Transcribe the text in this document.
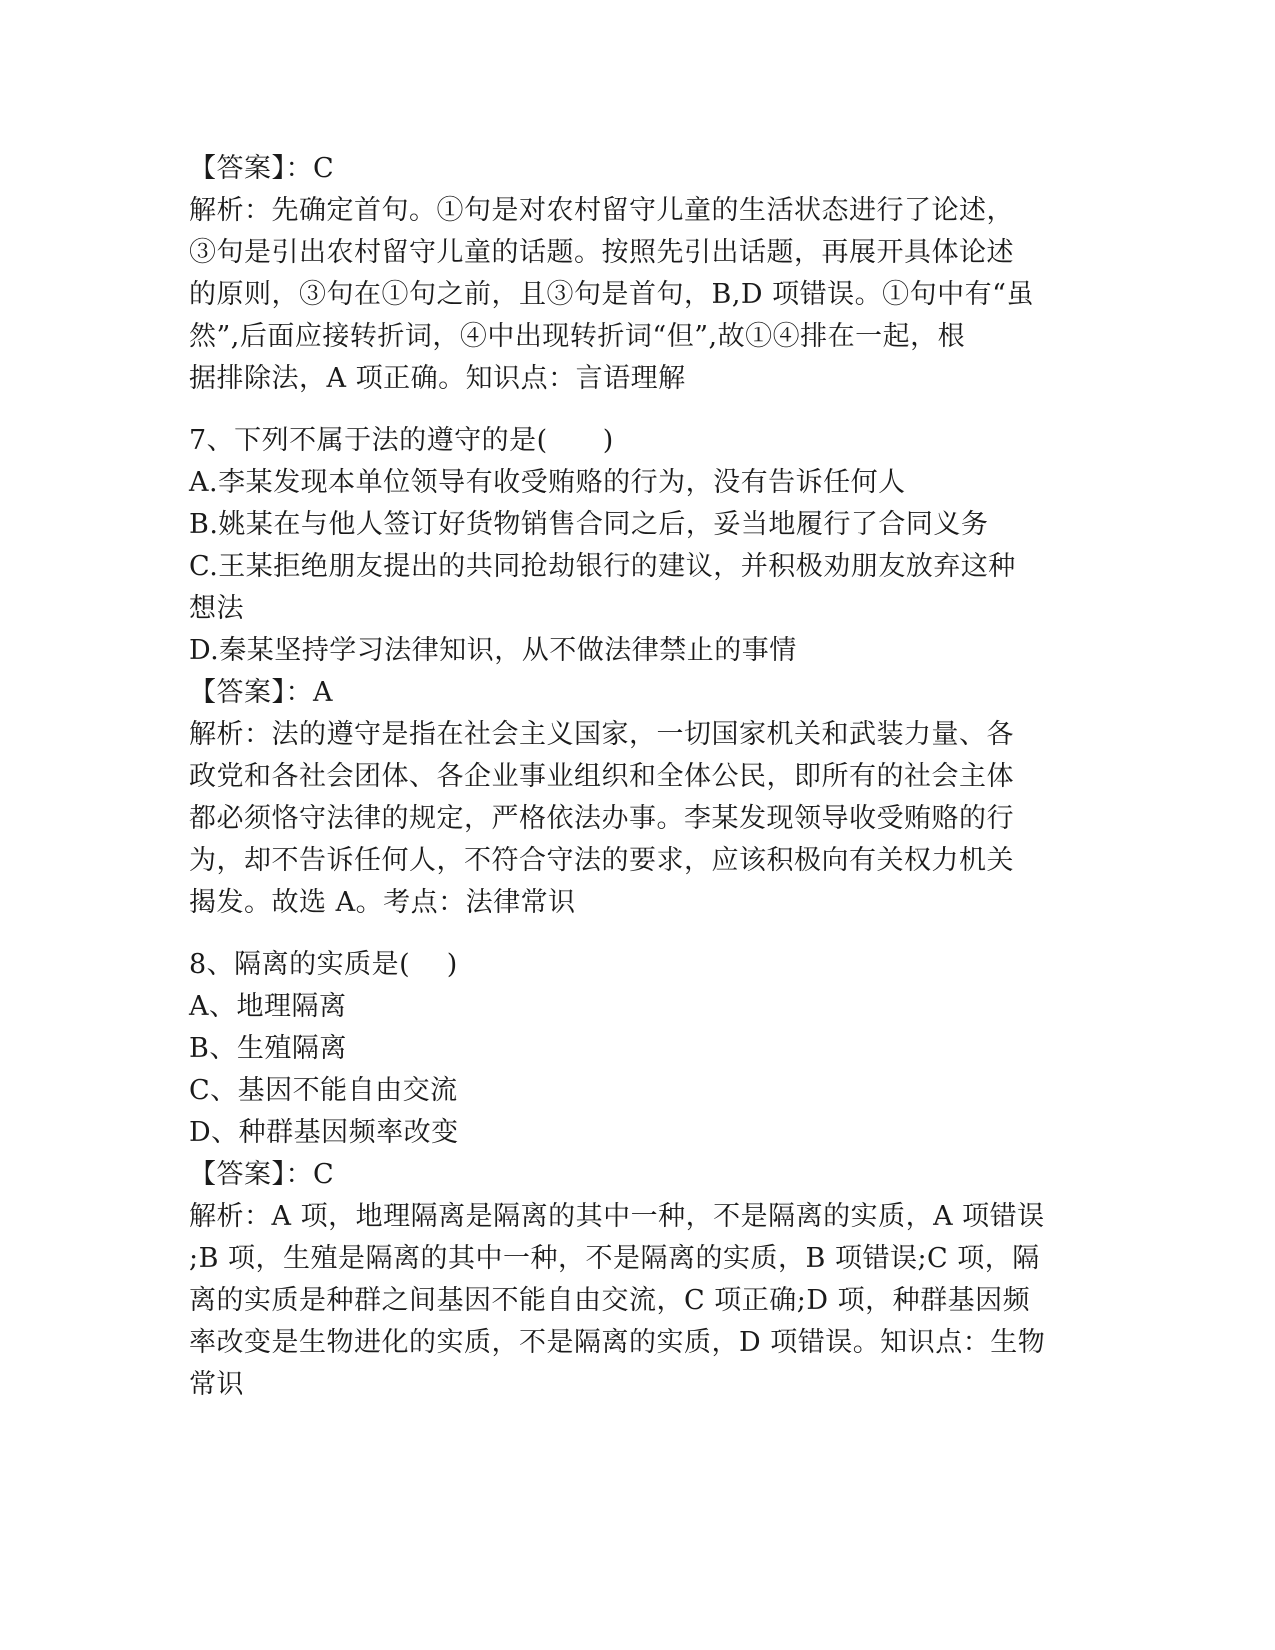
【答案】：C
解析：先确定首句。①句是对农村留守儿童的生活状态进行了论述，
③句是引出农村留守儿童的话题。按照先引出话题，再展开具体论述
的原则，③句在①句之前，且③句是首句，B,D 项错误。①句中有“虽
然”,后面应接转折词，④中出现转折词“但”,故①④排在一起，根
据排除法，A 项正确。知识点：言语理解
7、下列不属于法的遵守的是(　　)
A.李某发现本单位领导有收受贿赂的行为，没有告诉任何人
B.姚某在与他人签订好货物销售合同之后，妥当地履行了合同义务
C.王某拒绝朋友提出的共同抢劫银行的建议，并积极劝朋友放弃这种
想法
D.秦某坚持学习法律知识，从不做法律禁止的事情
【答案】：A
解析：法的遵守是指在社会主义国家，一切国家机关和武装力量、各
政党和各社会团体、各企业事业组织和全体公民，即所有的社会主体
都必须恪守法律的规定，严格依法办事。李某发现领导收受贿赂的行
为，却不告诉任何人，不符合守法的要求，应该积极向有关权力机关
揭发。故选 A。考点：法律常识
8、隔离的实质是(　 )
A、地理隔离
B、生殖隔离
C、基因不能自由交流
D、种群基因频率改变
【答案】：C
解析：A 项，地理隔离是隔离的其中一种，不是隔离的实质，A 项错误
;B 项，生殖是隔离的其中一种，不是隔离的实质，B 项错误;C 项，隔
离的实质是种群之间基因不能自由交流，C 项正确;D 项，种群基因频
率改变是生物进化的实质，不是隔离的实质，D 项错误。知识点：生物
常识
